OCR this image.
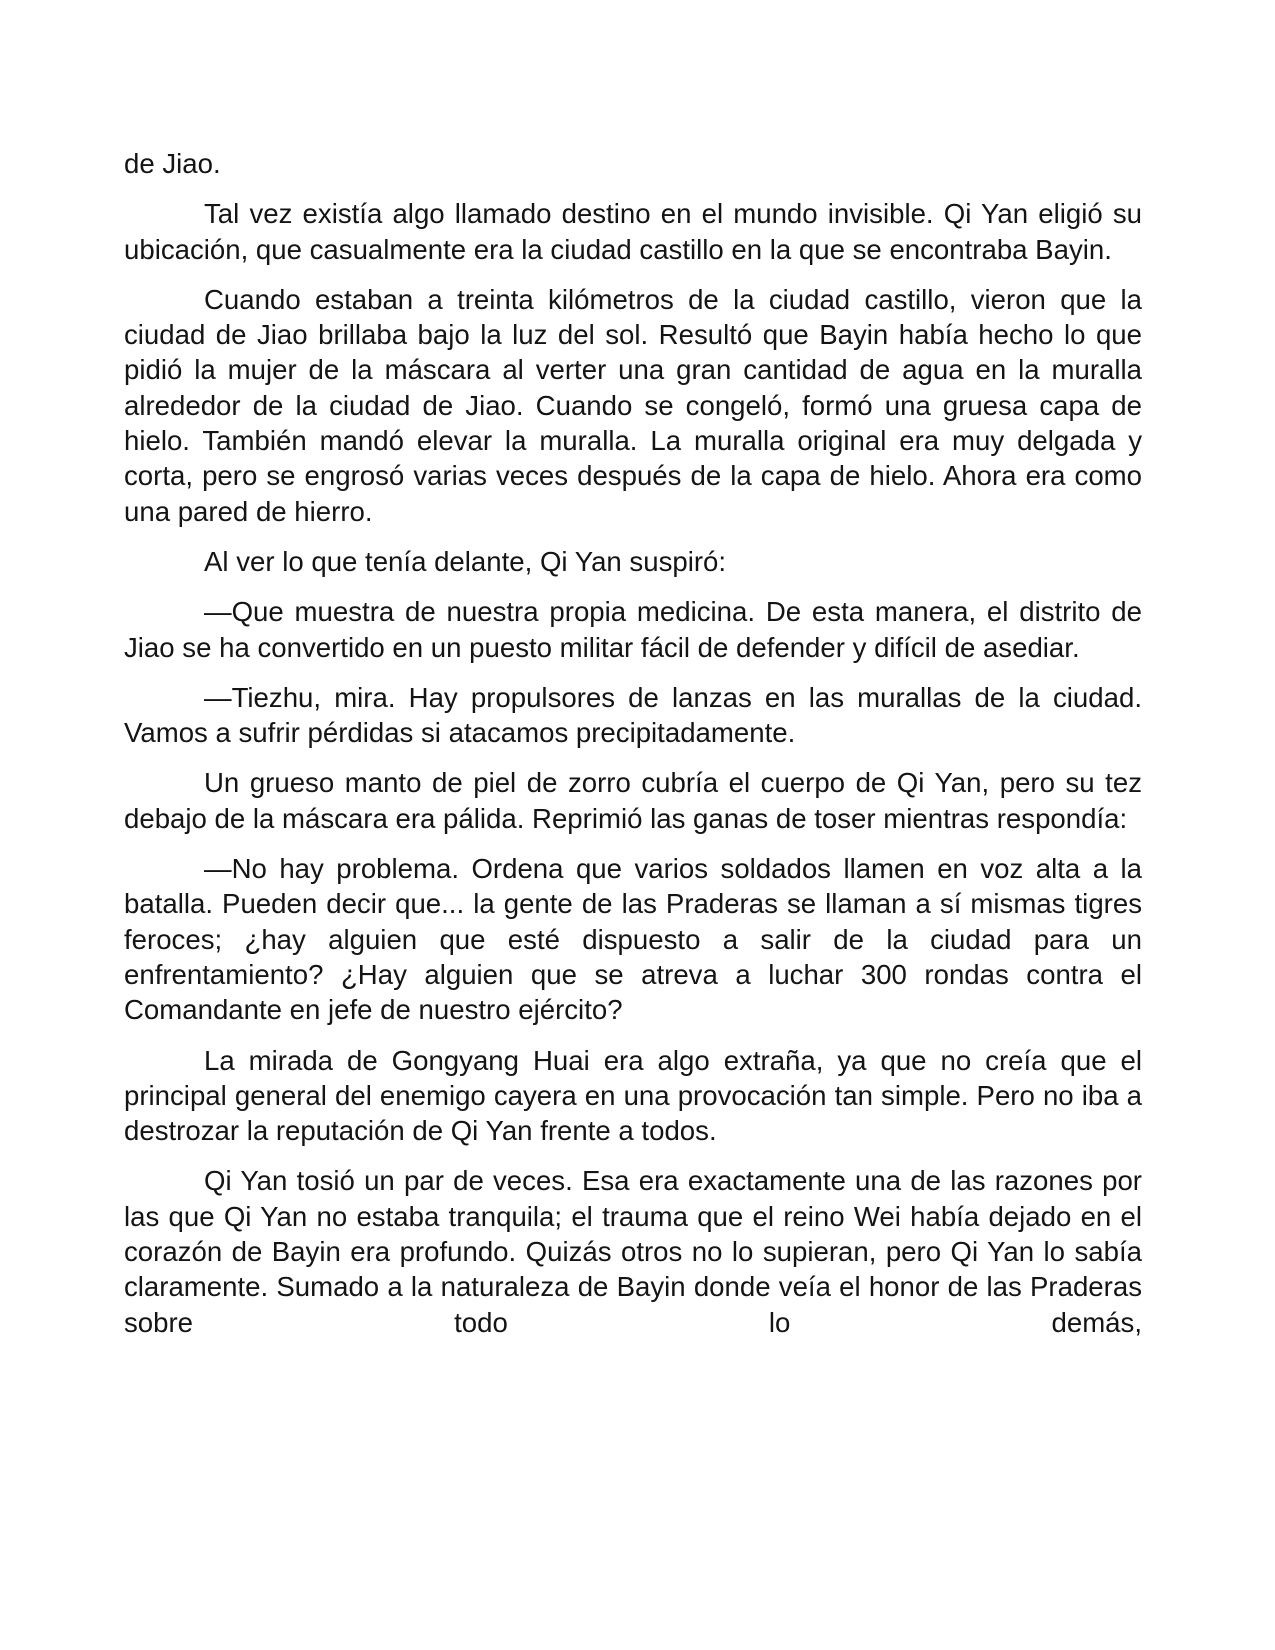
de Jiao.

Tal vez existía algo llamado destino en el mundo invisible. Qi Yan eligió su ubicación, que casualmente era la ciudad castillo en la que se encontraba Bayin.

Cuando estaban a treinta kilómetros de la ciudad castillo, vieron que la ciudad de Jiao brillaba bajo la luz del sol. Resultó que Bayin había hecho lo que pidió la mujer de la máscara al verter una gran cantidad de agua en la muralla alrededor de la ciudad de Jiao. Cuando se congeló, formó una gruesa capa de hielo. También mandó elevar la muralla. La muralla original era muy delgada y corta, pero se engrosó varias veces después de la capa de hielo. Ahora era como una pared de hierro.

Al ver lo que tenía delante, Qi Yan suspiró:

—Que muestra de nuestra propia medicina. De esta manera, el distrito de Jiao se ha convertido en un puesto militar fácil de defender y difícil de asediar.

—Tiezhu, mira. Hay propulsores de lanzas en las murallas de la ciudad. Vamos a sufrir pérdidas si atacamos precipitadamente.

Un grueso manto de piel de zorro cubría el cuerpo de Qi Yan, pero su tez debajo de la máscara era pálida. Reprimió las ganas de toser mientras respondía:

—No hay problema. Ordena que varios soldados llamen en voz alta a la batalla. Pueden decir que... la gente de las Praderas se llaman a sí mismas tigres feroces; ¿hay alguien que esté dispuesto a salir de la ciudad para un enfrentamiento? ¿Hay alguien que se atreva a luchar 300 rondas contra el Comandante en jefe de nuestro ejército?

La mirada de Gongyang Huai era algo extraña, ya que no creía que el principal general del enemigo cayera en una provocación tan simple. Pero no iba a destrozar la reputación de Qi Yan frente a todos.

Qi Yan tosió un par de veces. Esa era exactamente una de las razones por las que Qi Yan no estaba tranquila; el trauma que el reino Wei había dejado en el corazón de Bayin era profundo. Quizás otros no lo supieran, pero Qi Yan lo sabía claramente. Sumado a la naturaleza de Bayin donde veía el honor de las Praderas sobre todo lo demás,
